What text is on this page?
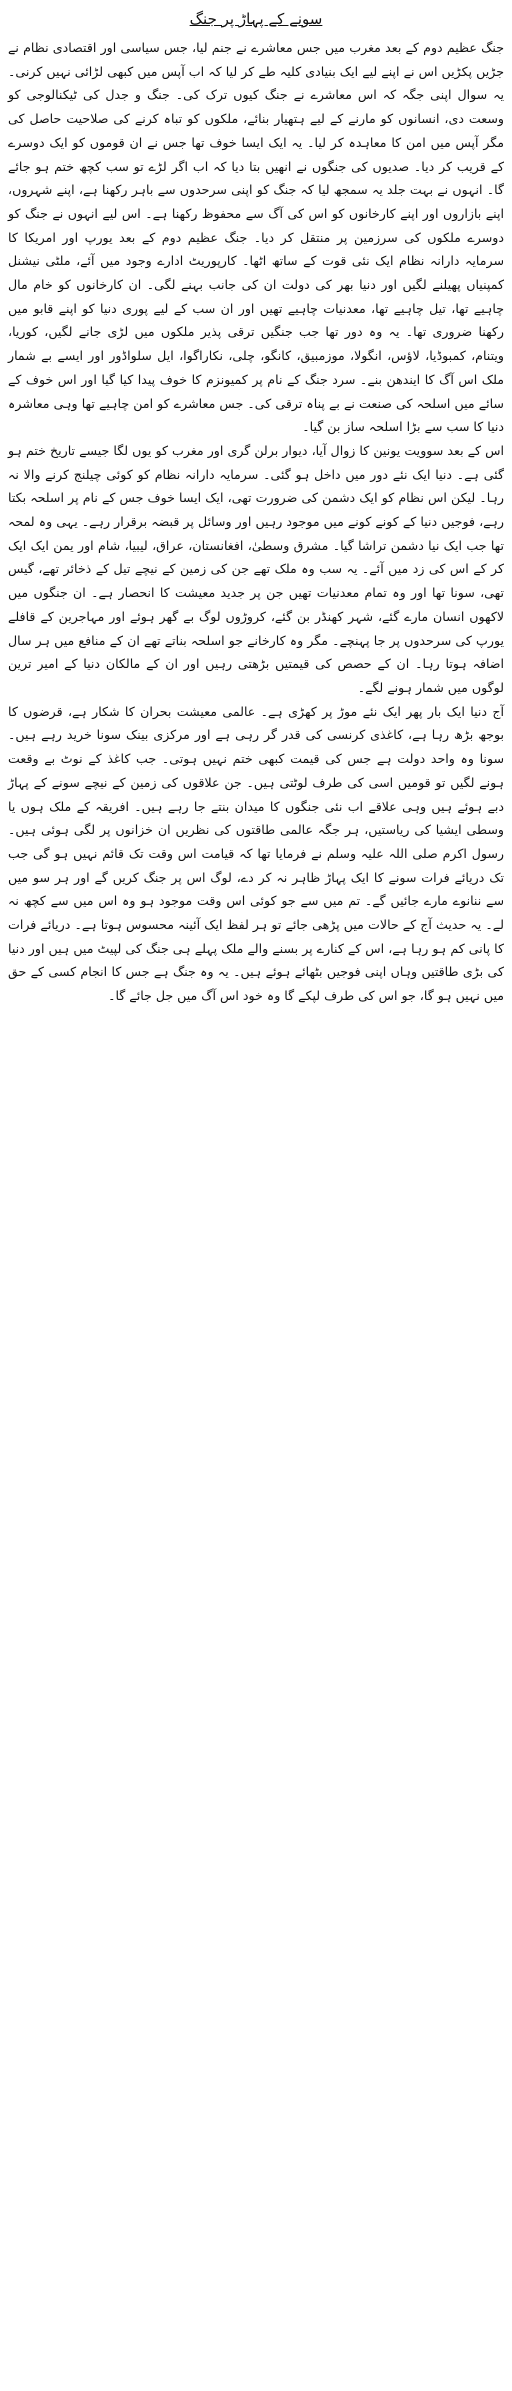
سونے کے پہاڑ پر جنگ

جنگ عظیم دوم کے بعد مغرب میں جس معاشرے نے جنم لیا، جس سیاسی اور اقتصادی نظام نے جڑیں پکڑیں اس نے اپنے لیے ایک بنیادی کلیہ طے کر لیا کہ اب آپس میں کبھی لڑائی نہیں کرنی۔ یہ سوال اپنی جگہ کہ اس معاشرے نے جنگ کیوں ترک کی۔ جنگ و جدل کی ٹیکنالوجی کو وسعت دی، انسانوں کو مارنے کے لیے ہتھیار بنائے، ملکوں کو تباہ کرنے کی صلاحیت حاصل کی مگر آپس میں امن کا معاہدہ کر لیا۔ یہ ایک ایسا خوف تھا جس نے ان قوموں کو ایک دوسرے کے قریب کر دیا۔ صدیوں کی جنگوں نے انھیں بتا دیا کہ اب اگر لڑے تو سب کچھ ختم ہو جائے گا۔ انہوں نے بہت جلد یہ سمجھ لیا کہ جنگ کو اپنی سرحدوں سے باہر رکھنا ہے، اپنے شہروں، اپنے بازاروں اور اپنے کارخانوں کو اس کی آگ سے محفوظ رکھنا ہے۔ اس لیے انہوں نے جنگ کو دوسرے ملکوں کی سرزمین پر منتقل کر دیا۔ جنگ عظیم دوم کے بعد یورپ اور امریکا کا سرمایہ دارانہ نظام ایک نئی قوت کے ساتھ اٹھا۔ کارپوریٹ ادارے وجود میں آئے، ملٹی نیشنل کمپنیاں پھیلنے لگیں اور دنیا بھر کی دولت ان کی جانب بہنے لگی۔ ان کارخانوں کو خام مال چاہیے تھا، تیل چاہیے تھا، معدنیات چاہیے تھیں اور ان سب کے لیے پوری دنیا کو اپنے قابو میں رکھنا ضروری تھا۔ یہ وہ دور تھا جب جنگیں ترقی پذیر ملکوں میں لڑی جانے لگیں، کوریا، ویتنام، کمبوڈیا، لاؤس، انگولا، موزمبیق، کانگو، چلی، نکاراگوا، ایل سلواڈور اور ایسے بے شمار ملک اس آگ کا ایندھن بنے۔ سرد جنگ کے نام پر کمیونزم کا خوف پیدا کیا گیا اور اس خوف کے سائے میں اسلحہ کی صنعت نے بے پناہ ترقی کی۔ جس معاشرے کو امن چاہیے تھا وہی معاشرہ دنیا کا سب سے بڑا اسلحہ ساز بن گیا۔

اس کے بعد سوویت یونین کا زوال آیا، دیوار برلن گری اور مغرب کو یوں لگا جیسے تاریخ ختم ہو گئی ہے۔ دنیا ایک نئے دور میں داخل ہو گئی۔ سرمایہ دارانہ نظام کو کوئی چیلنج کرنے والا نہ رہا۔ لیکن اس نظام کو ایک دشمن کی ضرورت تھی، ایک ایسا خوف جس کے نام پر اسلحہ بکتا رہے، فوجیں دنیا کے کونے کونے میں موجود رہیں اور وسائل پر قبضہ برقرار رہے۔ یہی وہ لمحہ تھا جب ایک نیا دشمن تراشا گیا۔ مشرق وسطیٰ، افغانستان، عراق، لیبیا، شام اور یمن ایک ایک کر کے اس کی زد میں آئے۔ یہ سب وہ ملک تھے جن کی زمین کے نیچے تیل کے ذخائر تھے، گیس تھی، سونا تھا اور وہ تمام معدنیات تھیں جن پر جدید معیشت کا انحصار ہے۔ ان جنگوں میں لاکھوں انسان مارے گئے، شہر کھنڈر بن گئے، کروڑوں لوگ بے گھر ہوئے اور مہاجرین کے قافلے یورپ کی سرحدوں پر جا پہنچے۔ مگر وہ کارخانے جو اسلحہ بناتے تھے ان کے منافع میں ہر سال اضافہ ہوتا رہا۔ ان کے حصص کی قیمتیں بڑھتی رہیں اور ان کے مالکان دنیا کے امیر ترین لوگوں میں شمار ہونے لگے۔

آج دنیا ایک بار پھر ایک نئے موڑ پر کھڑی ہے۔ عالمی معیشت بحران کا شکار ہے، قرضوں کا بوجھ بڑھ رہا ہے، کاغذی کرنسی کی قدر گر رہی ہے اور مرکزی بینک سونا خرید رہے ہیں۔ سونا وہ واحد دولت ہے جس کی قیمت کبھی ختم نہیں ہوتی۔ جب کاغذ کے نوٹ بے وقعت ہونے لگیں تو قومیں اسی کی طرف لوٹتی ہیں۔ جن علاقوں کی زمین کے نیچے سونے کے پہاڑ دبے ہوئے ہیں وہی علاقے اب نئی جنگوں کا میدان بنتے جا رہے ہیں۔ افریقہ کے ملک ہوں یا وسطی ایشیا کی ریاستیں، ہر جگہ عالمی طاقتوں کی نظریں ان خزانوں پر لگی ہوئی ہیں۔ رسول اکرم صلی اللہ علیہ وسلم نے فرمایا تھا کہ قیامت اس وقت تک قائم نہیں ہو گی جب تک دریائے فرات سونے کا ایک پہاڑ ظاہر نہ کر دے، لوگ اس پر جنگ کریں گے اور ہر سو میں سے ننانوے مارے جائیں گے۔ تم میں سے جو کوئی اس وقت موجود ہو وہ اس میں سے کچھ نہ لے۔ یہ حدیث آج کے حالات میں پڑھی جائے تو ہر لفظ ایک آئینہ محسوس ہوتا ہے۔ دریائے فرات کا پانی کم ہو رہا ہے، اس کے کنارے پر بسنے والے ملک پہلے ہی جنگ کی لپیٹ میں ہیں اور دنیا کی بڑی طاقتیں وہاں اپنی فوجیں بٹھائے ہوئے ہیں۔ یہ وہ جنگ ہے جس کا انجام کسی کے حق میں نہیں ہو گا، جو اس کی طرف لپکے گا وہ خود اس آگ میں جل جائے گا۔
